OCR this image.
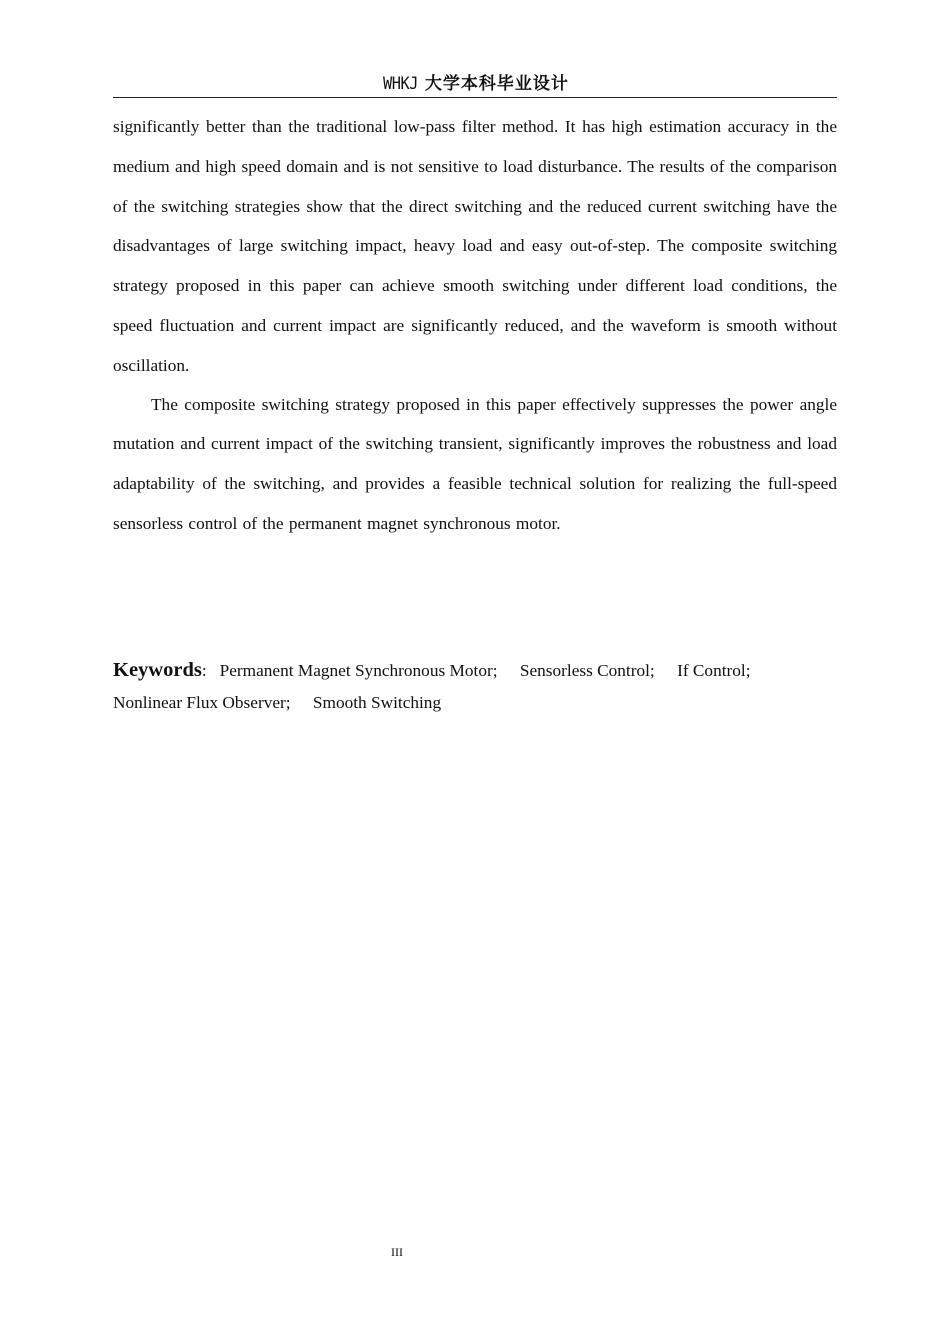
WHKJ 大学本科毕业设计

significantly better than the traditional low-pass filter method. It has high estimation accuracy in the medium and high speed domain and is not sensitive to load disturbance. The results of the comparison of the switching strategies show that the direct switching and the reduced current switching have the disadvantages of large switching impact, heavy load and easy out-of-step. The composite switching strategy proposed in this paper can achieve smooth switching under different load conditions, the speed fluctuation and current impact are significantly reduced, and the waveform is smooth without oscillation.

The composite switching strategy proposed in this paper effectively suppresses the power angle mutation and current impact of the switching transient, significantly improves the robustness and load adaptability of the switching, and provides a feasible technical solution for realizing the full-speed sensorless control of the permanent magnet synchronous motor.

Keywords: Permanent Magnet Synchronous Motor; Sensorless Control; If Control; Nonlinear Flux Observer; Smooth Switching
III
